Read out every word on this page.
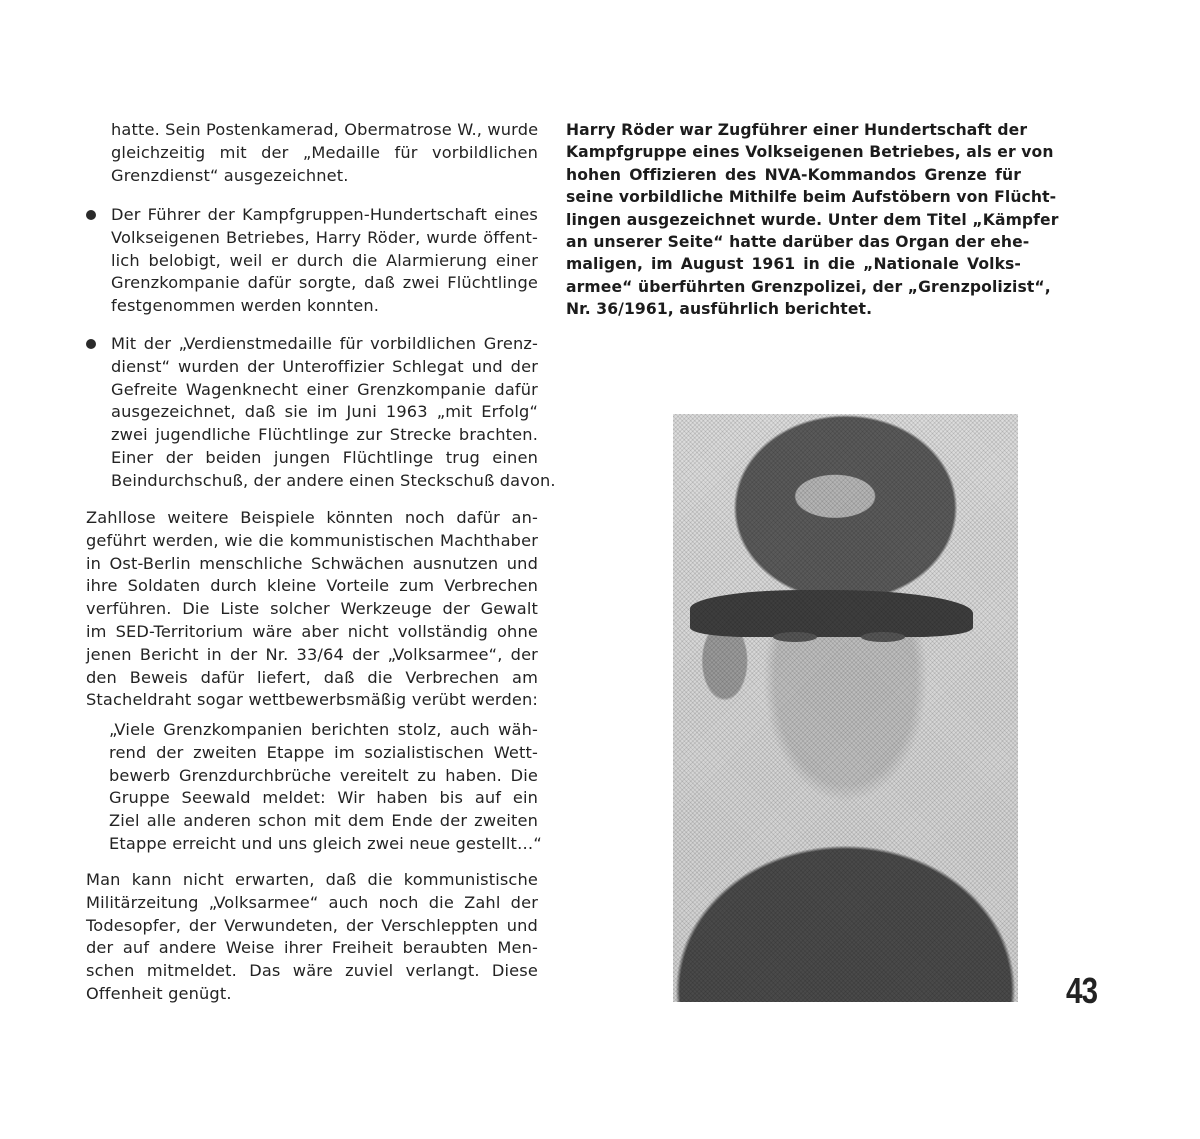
hatte. Sein Postenkamerad, Obermatrose W., wurde
gleichzeitig mit der „Medaille für vorbildlichen
Grenzdienst“ ausgezeichnet.

Der Führer der Kampfgruppen-Hundertschaft eines
Volkseigenen Betriebes, Harry Röder, wurde öffent-
lich belobigt, weil er durch die Alarmierung einer
Grenzkompanie dafür sorgte, daß zwei Flüchtlinge
festgenommen werden konnten.

Mit der „Verdienstmedaille für vorbildlichen Grenz-
dienst“ wurden der Unteroffizier Schlegat und der
Gefreite Wagenknecht einer Grenzkompanie dafür
ausgezeichnet, daß sie im Juni 1963 „mit Erfolg“
zwei jugendliche Flüchtlinge zur Strecke brachten.
Einer der beiden jungen Flüchtlinge trug einen
Beindurchschuß, der andere einen Steckschuß davon.

Zahllose weitere Beispiele könnten noch dafür an-
geführt werden, wie die kommunistischen Machthaber
in Ost-Berlin menschliche Schwächen ausnutzen und
ihre Soldaten durch kleine Vorteile zum Verbrechen
verführen. Die Liste solcher Werkzeuge der Gewalt
im SED-Territorium wäre aber nicht vollständig ohne
jenen Bericht in der Nr. 33/64 der „Volksarmee“, der
den Beweis dafür liefert, daß die Verbrechen am
Stacheldraht sogar wettbewerbsmäßig verübt werden:

„Viele Grenzkompanien berichten stolz, auch wäh-
rend der zweiten Etappe im sozialistischen Wett-
bewerb Grenzdurchbrüche vereitelt zu haben. Die
Gruppe Seewald meldet: Wir haben bis auf ein
Ziel alle anderen schon mit dem Ende der zweiten
Etappe erreicht und uns gleich zwei neue gestellt…“

Man kann nicht erwarten, daß die kommunistische
Militärzeitung „Volksarmee“ auch noch die Zahl der
Todesopfer, der Verwundeten, der Verschleppten und
der auf andere Weise ihrer Freiheit beraubten Men-
schen mitmeldet. Das wäre zuviel verlangt. Diese
Offenheit genügt.

Harry Röder war Zugführer einer Hundertschaft der
Kampfgruppe eines Volkseigenen Betriebes, als er von
hohen Offizieren des NVA-Kommandos Grenze für
seine vorbildliche Mithilfe beim Aufstöbern von Flücht-
lingen ausgezeichnet wurde. Unter dem Titel „Kämpfer
an unserer Seite“ hatte darüber das Organ der ehe-
maligen, im August 1961 in die „Nationale Volks-
armee“ überführten Grenzpolizei, der „Grenzpolizist“,
Nr. 36/1961, ausführlich berichtet.

43
